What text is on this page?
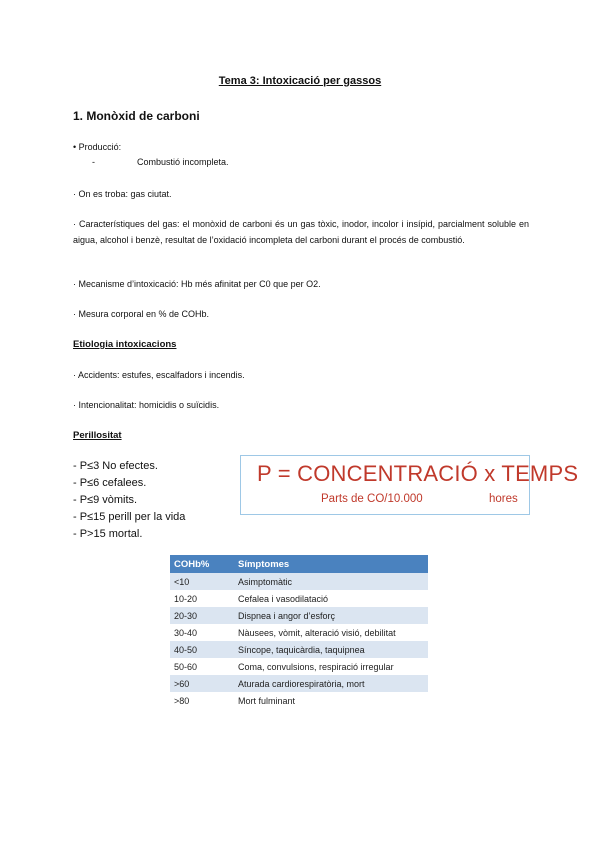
Tema 3: Intoxicació per gassos
1. Monòxid de carboni
• Producció:
-	Combustió incompleta.
· On es troba: gas ciutat.
· Característiques del gas: el monòxid de carboni és un gas tòxic, inodor, incolor i insípid, parcialment soluble en aigua, alcohol i benzè, resultat de l’oxidació incompleta del carboni durant el procés de combustió.
· Mecanisme d’intoxicació: Hb més afinitat per C0 que per O2.
· Mesura corporal en % de COHb.
Etiologia intoxicacions
· Accidents: estufes, escalfadors i incendis.
· Intencionalitat: homicidis o suïcidis.
Perillositat
- P≤3 No efectes.
- P≤6 cefalees.
- P≤9 vòmits.
- P≤15 perill per la vida
- P>15 mortal.
P = CONCENTRACIÓ x TEMPS
Parts de CO/10.000	hores
COHb%	Símptomes
<10	Asimptomàtic
10-20	Cefalea i vasodilatació
20-30	Dispnea i angor d’esforç
30-40	Nàusees, vòmit, alteració visió, debilitat
40-50	Síncope, taquicàrdia, taquipnea
50-60	Coma, convulsions, respiració irregular
>60	Aturada cardiorespiratòria, mort
>80	Mort fulminant
